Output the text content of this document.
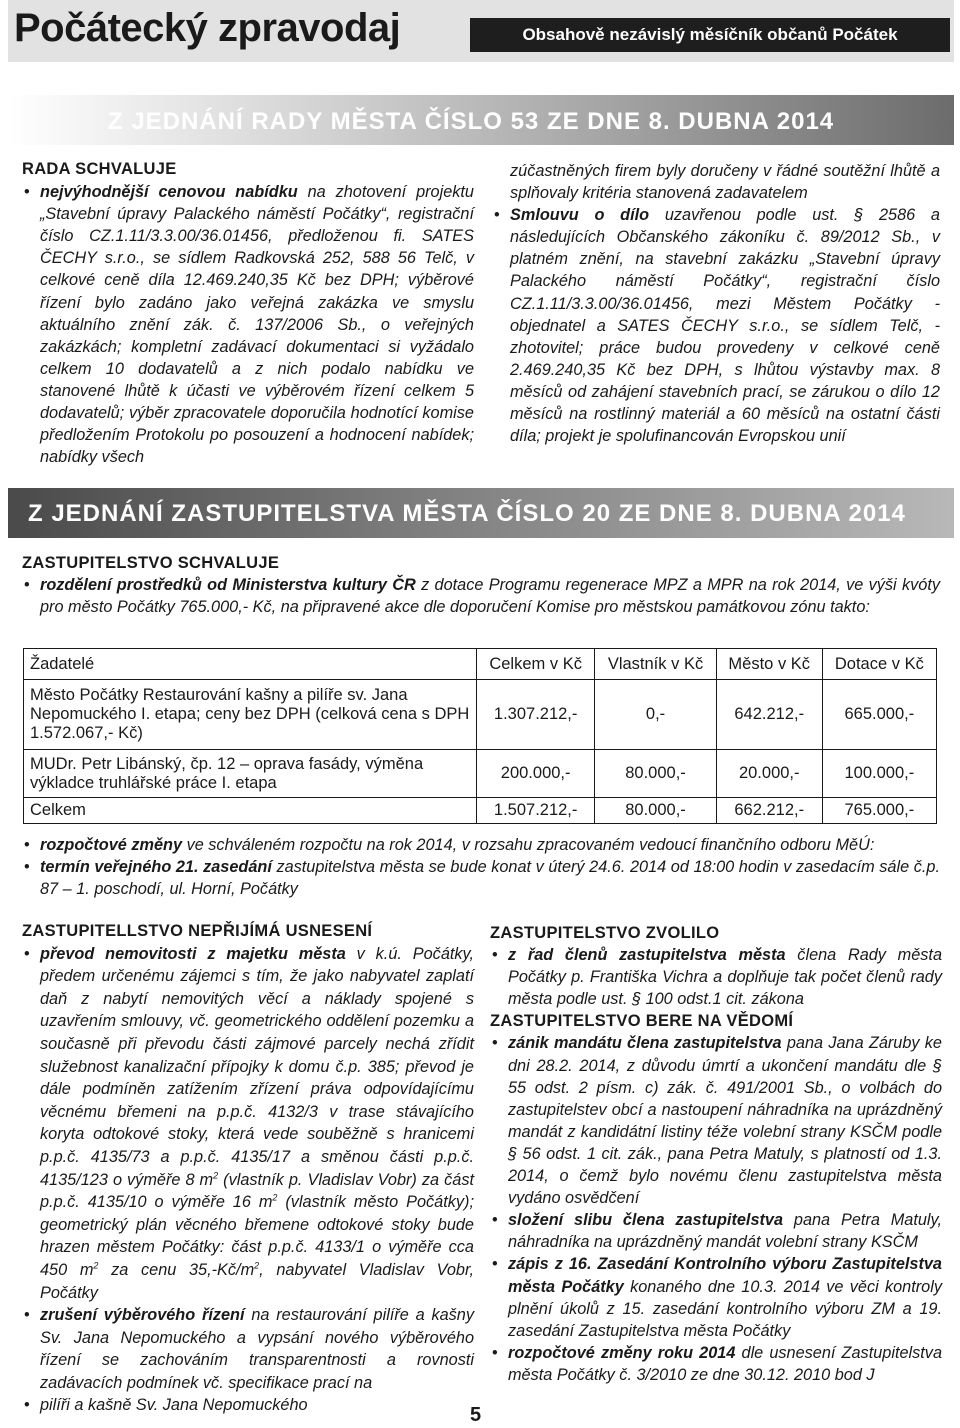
Počátecký zpravodaj	Obsahově nezávislý měsíčník občanů Počátek
Z JEDNÁNÍ RADY MĚSTA ČÍSLO 53 ZE DNE 8. DUBNA 2014
RADA SCHVALUJE
• nejvýhodnější cenovou nabídku na zhotovení projektu „Stavební úpravy Palackého náměstí Počátky“, registrační číslo CZ.1.11/3.3.00/36.01456, předloženou fi. SATES ČECHY s.r.o., se sídlem Radkovská 252, 588 56 Telč, v celkové ceně díla 12.469.240,35 Kč bez DPH; výběrové řízení bylo zadáno jako veřejná zakázka ve smyslu aktuálního znění zák. č. 137/2006 Sb., o veřejných zakázkách; kompletní zadávací dokumentaci si vyžádalo celkem 10 dodavatelů a z nich podalo nabídku ve stanovené lhůtě k účasti ve výběrovém řízení celkem 5 dodavatelů; výběr zpracovatele doporučila hodnotící komise předložením Protokolu po posouzení a hodnocení nabídek; nabídky všech

zúčastněných firem byly doručeny v řádné soutěžní lhůtě a splňovaly kritéria stanovená zadavatelem

• Smlouvu o dílo uzavřenou podle ust. § 2586 a následujících Občanského zákoníku č. 89/2012 Sb., v platném znění, na stavební zakázku „Stavební úpravy Palackého náměstí Počátky“, registrační číslo CZ.1.11/3.3.00/36.01456, mezi Městem Počátky - objednatel a SATES ČECHY s.r.o., se sídlem Telč, - zhotovitel; práce budou provedeny v celkové ceně 2.469.240,35 Kč bez DPH, s lhůtou výstavby max. 8 měsíců od zahájení stavebních prací, se zárukou o dílo 12 měsíců na rostlinný materiál a 60 měsíců na ostatní části díla; projekt je spolufinancován Evropskou unií
Z JEDNÁNÍ ZASTUPITELSTVA MĚSTA ČÍSLO 20 ZE DNE 8. DUBNA 2014
ZASTUPITELSTVO SCHVALUJE
• rozdělení prostředků od Ministerstva kultury ČR z dotace Programu regenerace MPZ a MPR na rok 2014, ve výši kvóty pro město Počátky 765.000,- Kč, na připravené akce dle doporučení Komise pro městskou památkovou zónu takto:
Žadatelé	Celkem v Kč	Vlastník v Kč	Město v Kč	Dotace v Kč
Město Počátky Restaurování kašny a pilíře sv. Jana Nepomuckého I. etapa; ceny bez DPH (celková cena s DPH 1.572.067,- Kč)	1.307.212,-	0,-	642.212,-	665.000,-
MUDr. Petr Libánský, čp. 12 – oprava fasády, výměna výkladce truhlářské práce I. etapa	200.000,-	80.000,-	20.000,-	100.000,-
Celkem	1.507.212,-	80.000,-	662.212,-	765.000,-
• rozpočtové změny ve schváleném rozpočtu na rok 2014, v rozsahu zpracovaném vedoucí finančního odboru MěÚ:
• termín veřejného 21. zasedání zastupitelstva města se bude konat v úterý 24.6. 2014 od 18:00 hodin v zasedacím sále č.p. 87 – 1. poschodí, ul. Horní, Počátky
ZASTUPITELLSTVO NEPŘIJÍMÁ USNESENÍ
• převod nemovitosti z majetku města v k.ú. Počátky, předem určenému zájemci s tím, že jako nabyvatel zaplatí daň z nabytí nemovitých věcí a náklady spojené s uzavřením smlouvy, vč. geometrického oddělení pozemku a současně při převodu části zájmové parcely nechá zřídit služebnost kanalizační přípojky k domu č.p. 385; převod je dále podmíněn zatížením zřízení práva odpovídajícímu věcnému břemeni na p.p.č. 4132/3 v trase stávajícího koryta odtokové stoky, která vede souběžně s hranicemi p.p.č. 4135/73 a p.p.č. 4135/17 a směnou části p.p.č. 4135/123 o výměře 8 $m^2$ (vlastník p. Vladislav Vobr) za část p.p.č. 4135/10 o výměře 16 $m^2$ (vlastník město Počátky); geometrický plán věcného břemene odtokové stoky bude hrazen městem Počátky: část p.p.č. 4133/1 o výměře cca 450 $m^2$ za cenu $35,-Kč/m^2$, nabyvatel Vladislav Vobr, Počátky
• zrušení výběrového řízení na restaurování pilíře a kašny Sv. Jana Nepomuckého a vypsání nového výběrového řízení se zachováním transparentnosti a rovnosti zadávacích podmínek vč. specifikace prací na
• pilíři a kašně Sv. Jana Nepomuckého
ZASTUPITELSTVO ZVOLILO
• z řad členů zastupitelstva města člena Rady města Počátky p. Františka Vichra a doplňuje tak počet členů rady města podle ust. § 100 odst.1 cit. zákona
ZASTUPITELSTVO BERE NA VĚDOMÍ
• zánik mandátu člena zastupitelstva pana Jana Záruby ke dni 28.2. 2014, z důvodu úmrtí a ukončení mandátu dle § 55 odst. 2 písm. c) zák. č. 491/2001 Sb., o volbách do zastupitelstev obcí a nastoupení náhradníka na uprázdněný mandát z kandidátní listiny téže volební strany KSČM podle § 56 odst. 1 cit. zák., pana Petra Matuly, s platností od 1.3. 2014, o čemž bylo novému členu zastupitelstva města vydáno osvědčení
• složení slibu člena zastupitelstva pana Petra Matuly, náhradníka na uprázdněný mandát volební strany KSČM
• zápis z 16. Zasedání Kontrolního výboru Zastupitelstva města Počátky konaného dne 10.3. 2014 ve věci kontroly plnění úkolů z 15. zasedání kontrolního výboru ZM a 19. zasedání Zastupitelstva města Počátky
• rozpočtové změny roku 2014 dle usnesení Zastupitelstva města Počátky č. 3/2010 ze dne 30.12. 2010 bod J
5
